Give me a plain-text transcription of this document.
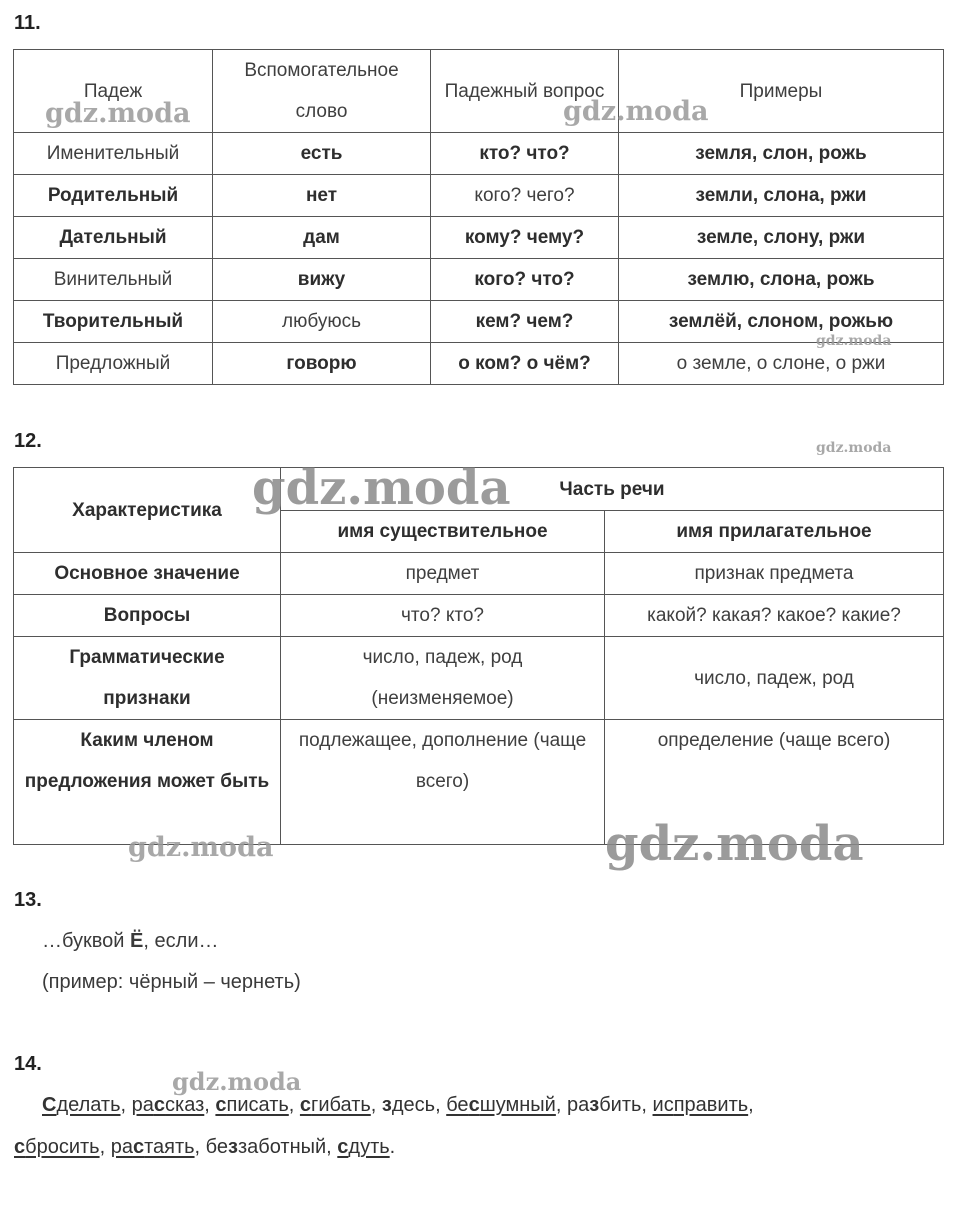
11.
Падеж	Вспомогательное слово	Падежный вопрос	Примеры
Именительный	есть	кто? что?	земля, слон, рожь
Родительный	нет	кого? чего?	земли, слона, ржи
Дательный	дам	кому? чему?	земле, слону, ржи
Винительный	вижу	кого? что?	землю, слона, рожь
Творительный	любуюсь	кем? чем?	землёй, слоном, рожью
Предложный	говорю	о ком? о чём?	о земле, о слоне, о ржи
12.
Характеристика	Часть речи	
	имя существительное	имя прилагательное
Основное значение	предмет	признак предмета
Вопросы	что? кто?	какой? какая? какое? какие?
Грамматические признаки	число, падеж, род (неизменяемое)	число, падеж, род
Каким членом предложения может быть	подлежащее, дополнение (чаще всего)	определение (чаще всего)
13.
…буквой Ё, если…
(пример: чёрный – чернеть)
14.
Сделать, рассказ, списать, сгибать, здесь, бесшумный, разбить, исправить,
сбросить, растаять, беззаботный, сдуть.
gdz.moda	gdz.moda
gdz.moda
gdz.moda
gdz.moda
gdz.moda	gdz.moda
gdz.moda
